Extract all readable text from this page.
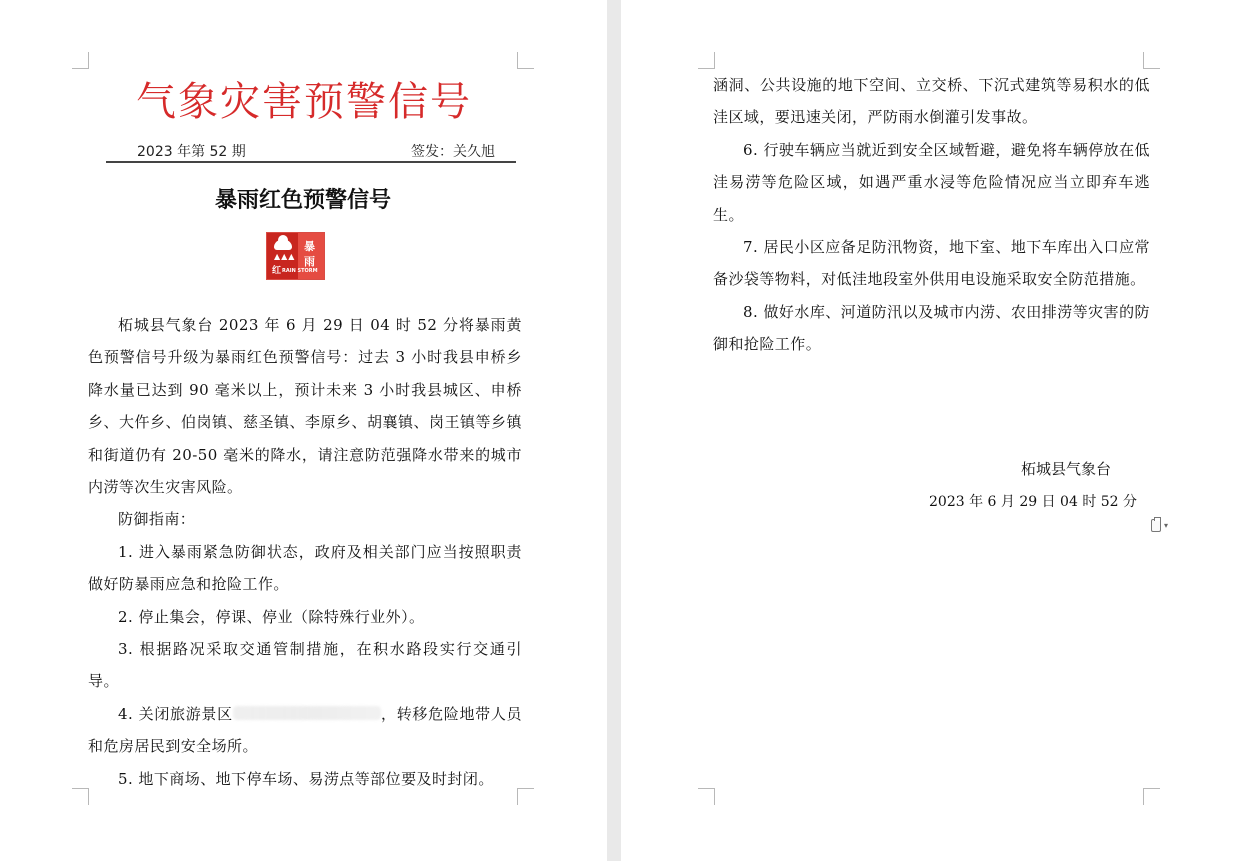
气象灾害预警信号
2023 年第 52 期	签发：关久旭
暴雨红色预警信号
▲▲▲
红 RAIN STORM
暴雨

柘城县气象台 2023 年 6 月 29 日 04 时 52 分将暴雨黄色预警信号升级为暴雨红色预警信号：过去 3 小时我县申桥乡降水量已达到 90 毫米以上，预计未来 3 小时我县城区、申桥乡、大仵乡、伯岗镇、慈圣镇、李原乡、胡襄镇、岗王镇等乡镇和街道仍有 20-50 毫米的降水，请注意防范强降水带来的城市内涝等次生灾害风险。

防御指南：

1. 进入暴雨紧急防御状态，政府及相关部门应当按照职责做好防暴雨应急和抢险工作。

2. 停止集会，停课、停业（除特殊行业外）。

3. 根据路况采取交通管制措施，在积水路段实行交通引导。

4. 关闭旅游景区	，转移危险地带人员和危房居民到安全场所。

5. 地下商场、地下停车场、易涝点等部位要及时封闭。

涵洞、公共设施的地下空间、立交桥、下沉式建筑等易积水的低洼区域，要迅速关闭，严防雨水倒灌引发事故。

6. 行驶车辆应当就近到安全区域暂避，避免将车辆停放在低洼易涝等危险区域，如遇严重水浸等危险情况应当立即弃车逃生。

7. 居民小区应备足防汛物资，地下室、地下车库出入口应常备沙袋等物料，对低洼地段室外供用电设施采取安全防范措施。

8. 做好水库、河道防汛以及城市内涝、农田排涝等灾害的防御和抢险工作。

柘城县气象台
2023 年 6 月 29 日 04 时 52 分
▾
